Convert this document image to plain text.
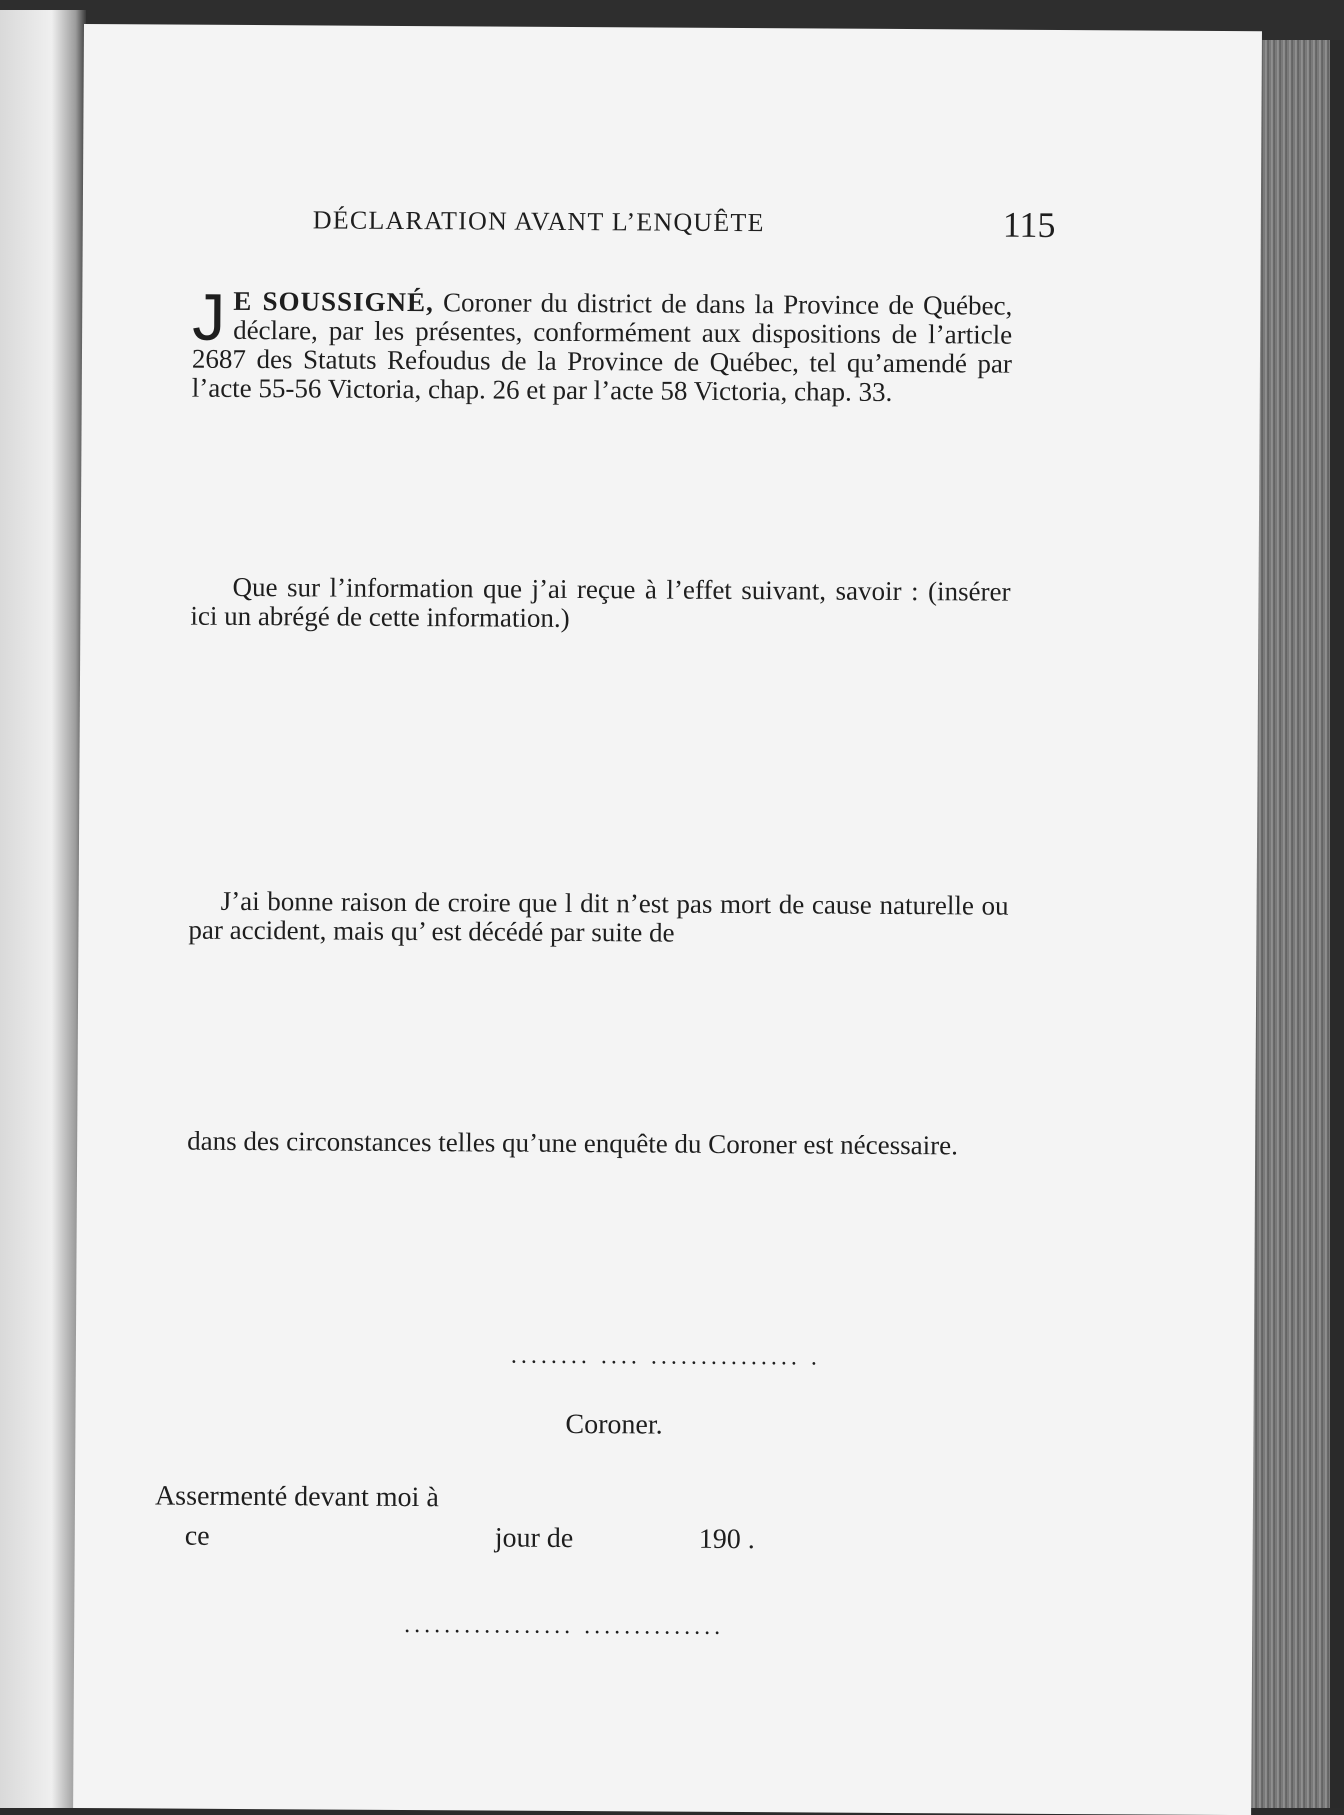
DÉCLARATION AVANT L’ENQUÊTE	115
J E SOUSSIGNÉ, Coroner du district de dans la Province de Québec, déclare, par les présentes, conformément aux dispositions de l’article 2687 des Statuts Refoudus de la Province de Québec, tel qu’amendé par l’acte 55-56 Victoria, chap. 26 et par l’acte 58 Victoria, chap. 33.
Que sur l’information que j’ai reçue à l’effet suivant, savoir : (insérer ici un abrégé de cette information.)
J’ai bonne raison de croire que l dit n’est pas mort de cause naturelle ou par accident, mais qu’ est décédé par suite de
dans des circonstances telles qu’une enquête du Coroner est nécessaire.
........ .... ............... .
Coroner.
Assermenté devant moi à
ce	jour de	190 .
................. ..............
